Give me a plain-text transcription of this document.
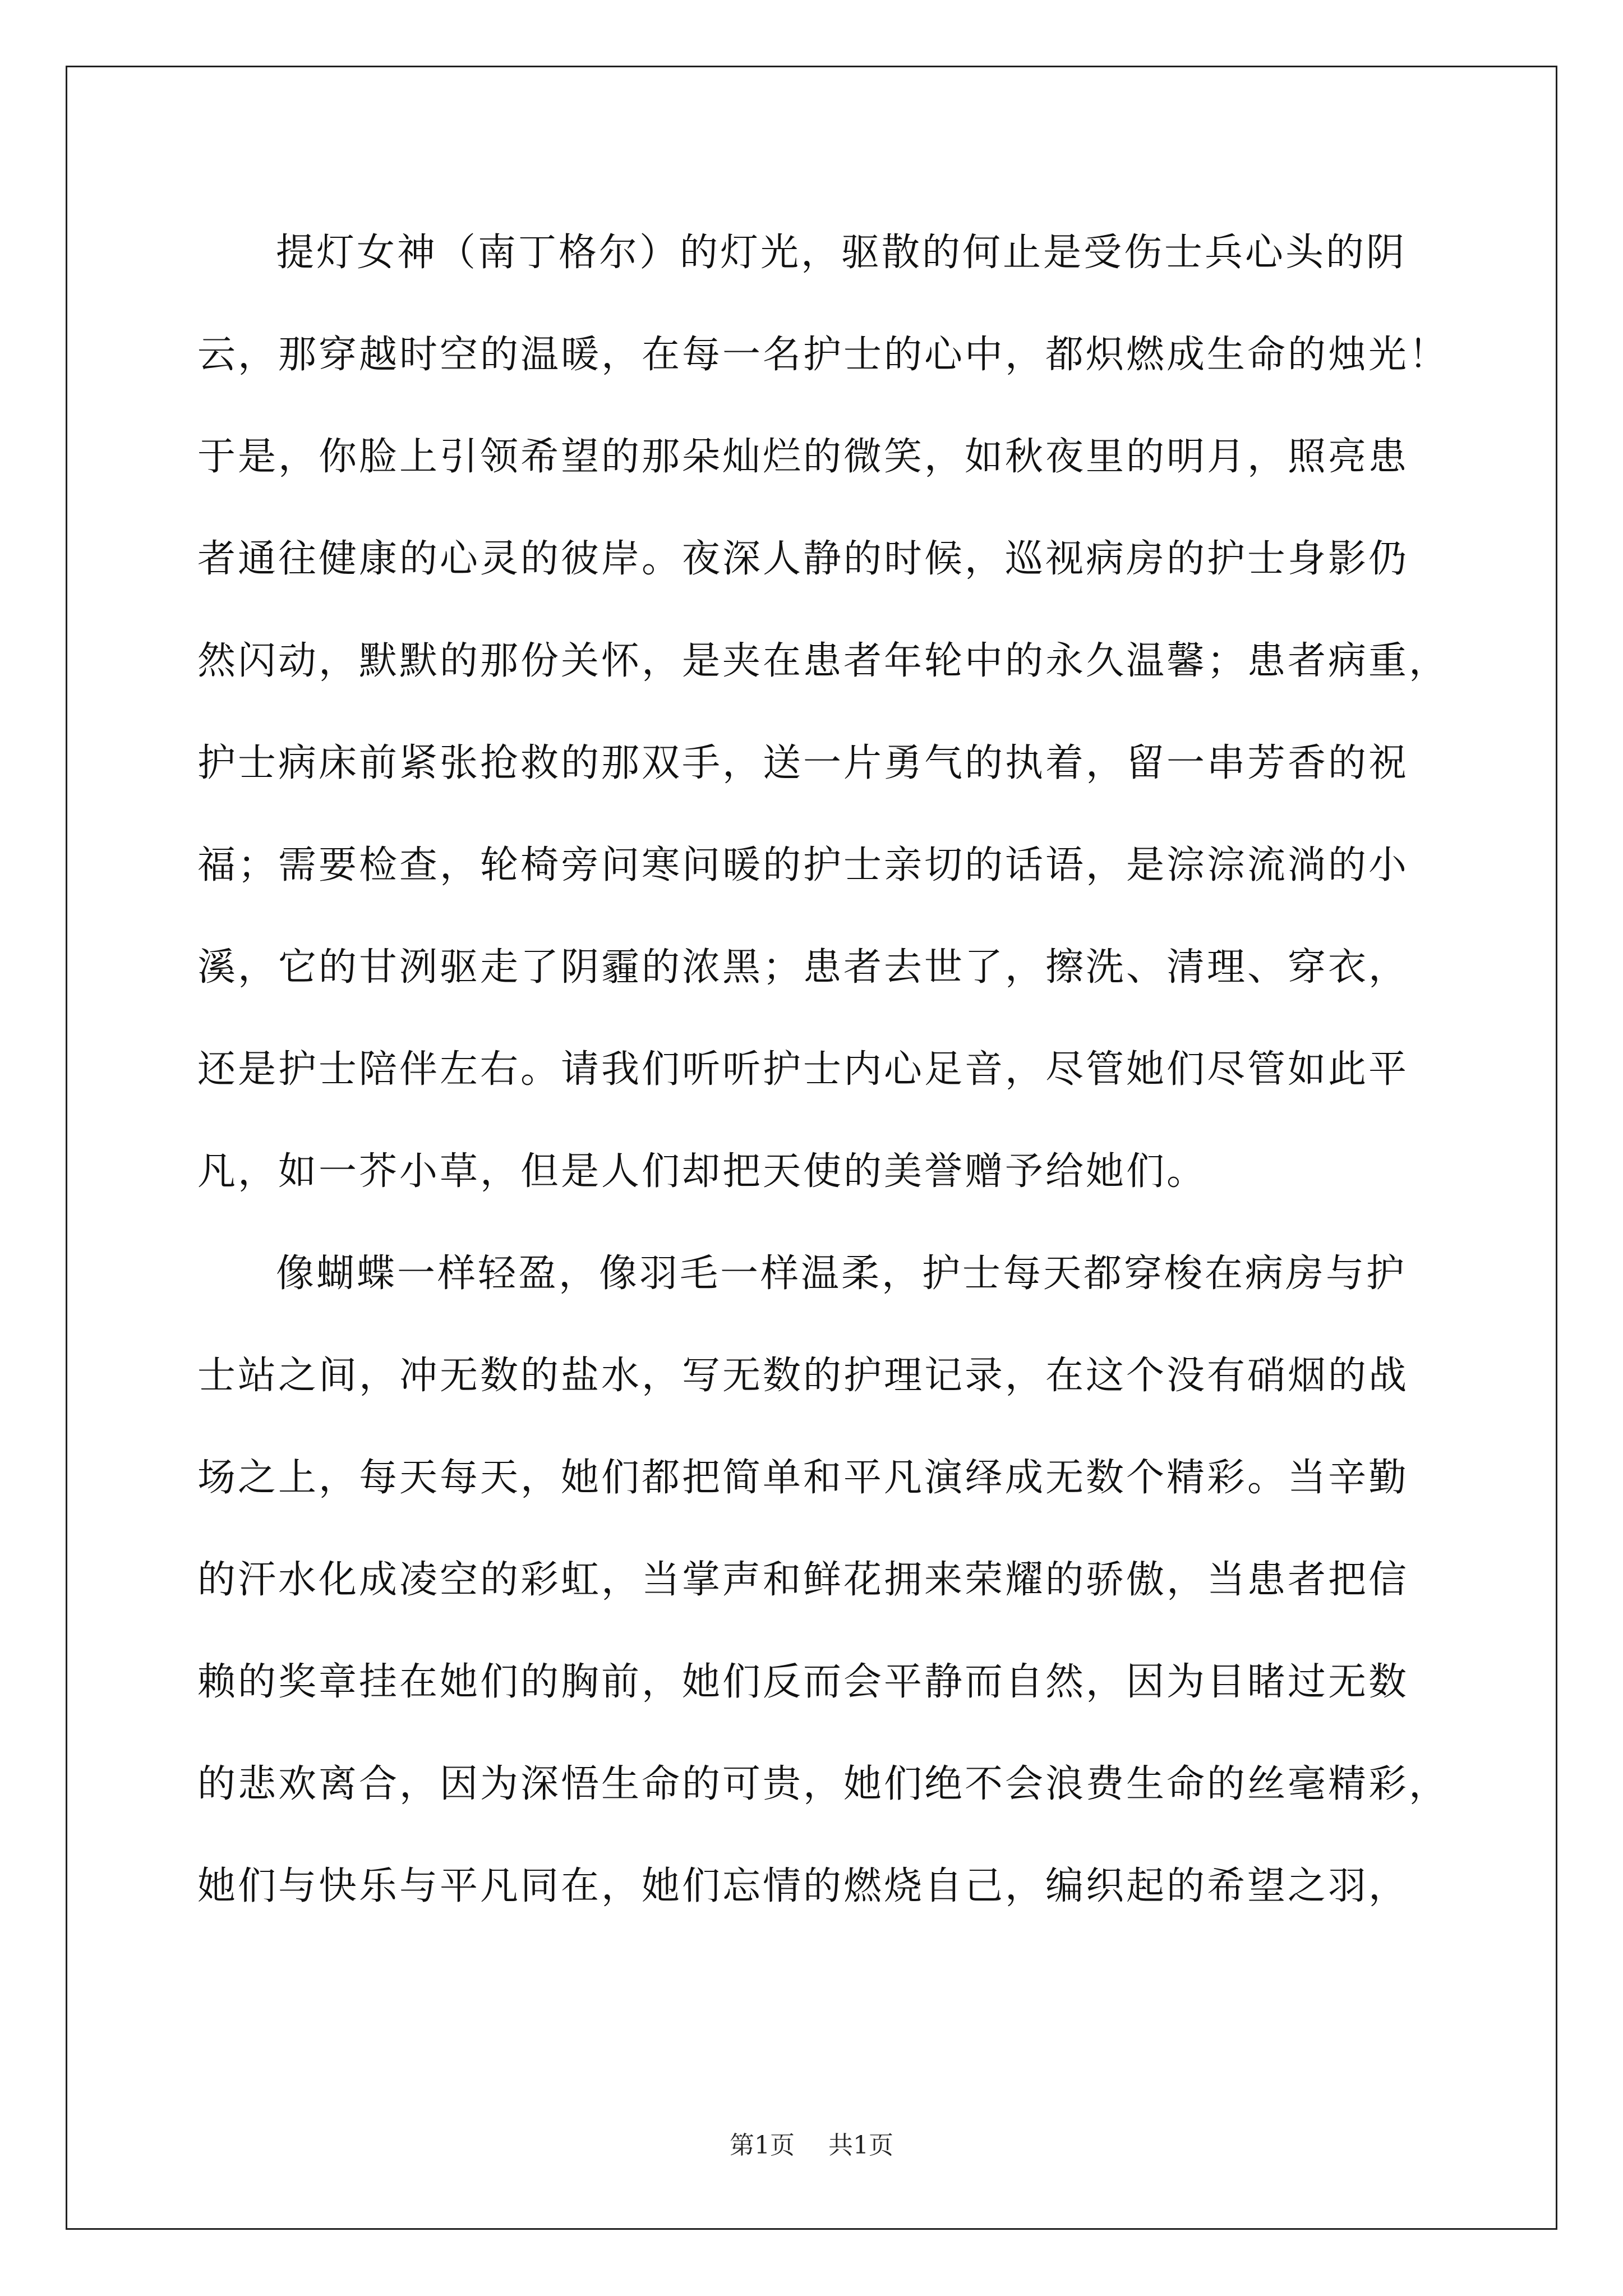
提灯女神（南丁格尔）的灯光，驱散的何止是受伤士兵心头的阴
云，那穿越时空的温暖，在每一名护士的心中，都炽燃成生命的烛光！
于是，你脸上引领希望的那朵灿烂的微笑，如秋夜里的明月，照亮患
者通往健康的心灵的彼岸。夜深人静的时候，巡视病房的护士身影仍
然闪动，默默的那份关怀，是夹在患者年轮中的永久温馨；患者病重，
护士病床前紧张抢救的那双手，送一片勇气的执着，留一串芳香的祝
福；需要检查，轮椅旁问寒问暖的护士亲切的话语，是淙淙流淌的小
溪，它的甘洌驱走了阴霾的浓黑；患者去世了，擦洗、清理、穿衣，
还是护士陪伴左右。请我们听听护士内心足音，尽管她们尽管如此平
凡，如一芥小草，但是人们却把天使的美誉赠予给她们。
像蝴蝶一样轻盈，像羽毛一样温柔，护士每天都穿梭在病房与护
士站之间，冲无数的盐水，写无数的护理记录，在这个没有硝烟的战
场之上，每天每天，她们都把简单和平凡演绎成无数个精彩。当辛勤
的汗水化成凌空的彩虹，当掌声和鲜花拥来荣耀的骄傲，当患者把信
赖的奖章挂在她们的胸前，她们反而会平静而自然，因为目睹过无数
的悲欢离合，因为深悟生命的可贵，她们绝不会浪费生命的丝毫精彩，
她们与快乐与平凡同在，她们忘情的燃烧自己，编织起的希望之羽，
第1页 共1页
